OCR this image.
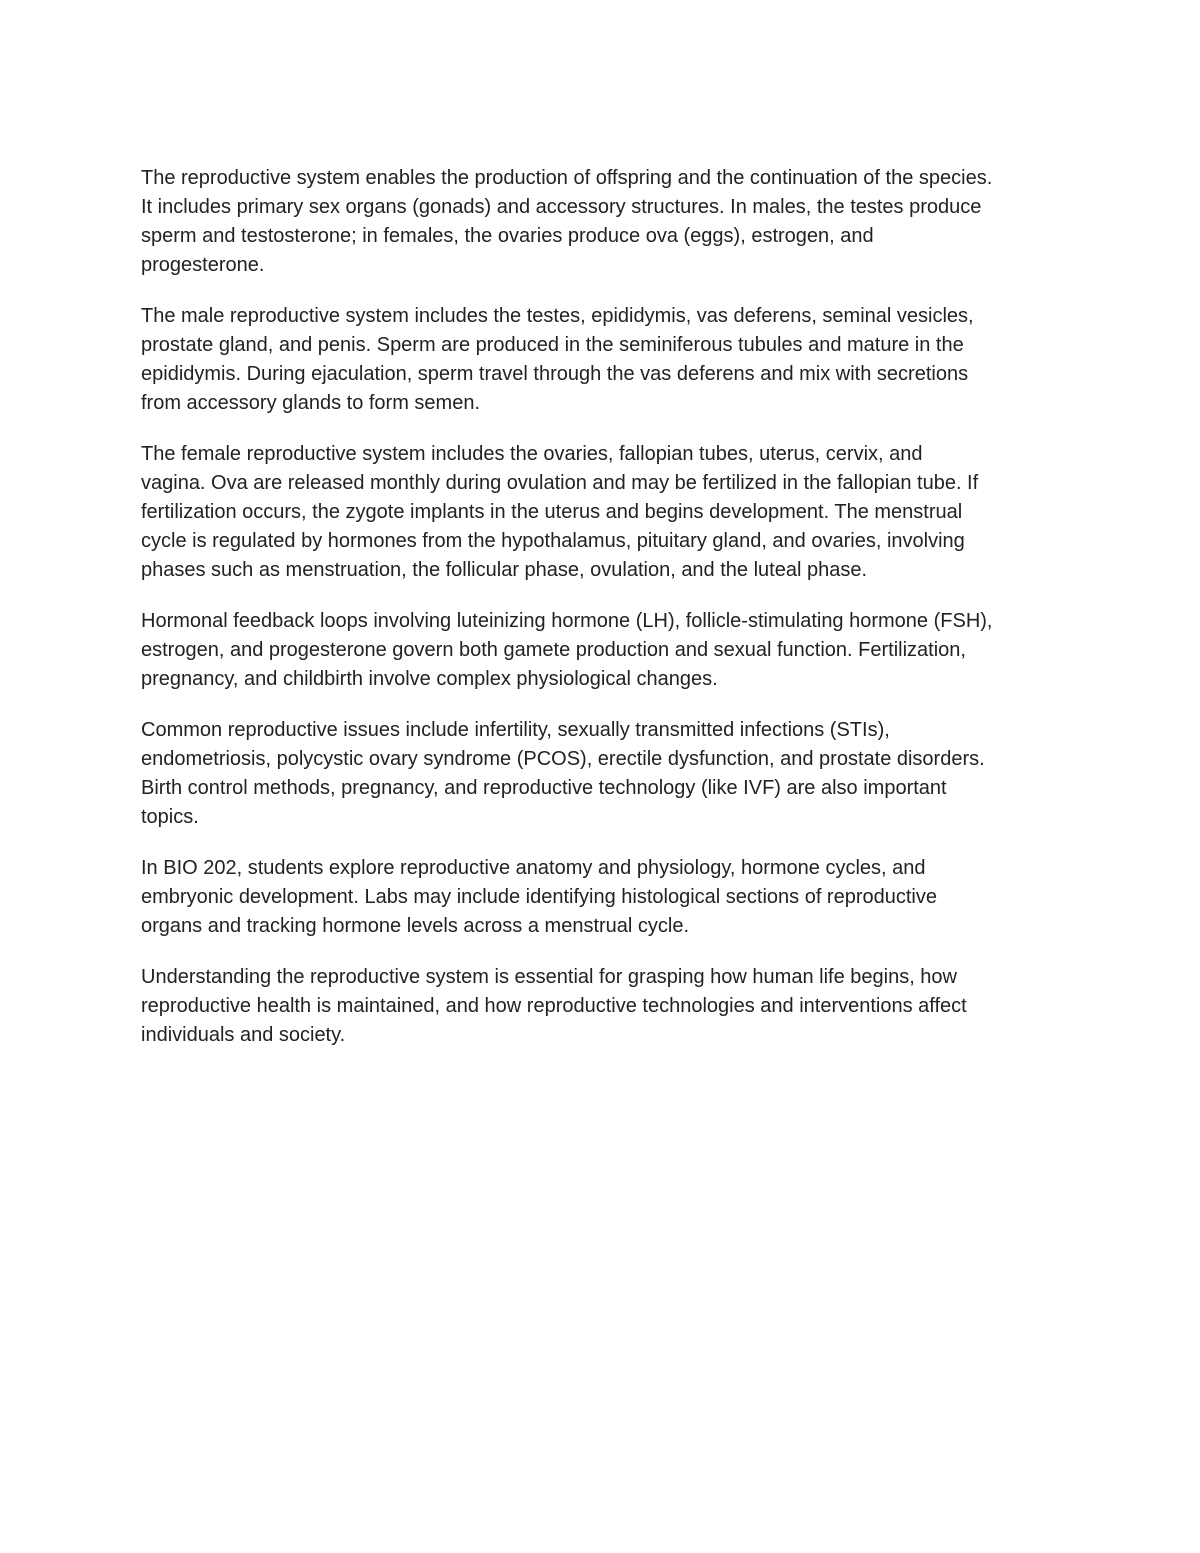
The reproductive system enables the production of offspring and the continuation of the species.
It includes primary sex organs (gonads) and accessory structures. In males, the testes produce
sperm and testosterone; in females, the ovaries produce ova (eggs), estrogen, and
progesterone.

The male reproductive system includes the testes, epididymis, vas deferens, seminal vesicles,
prostate gland, and penis. Sperm are produced in the seminiferous tubules and mature in the
epididymis. During ejaculation, sperm travel through the vas deferens and mix with secretions
from accessory glands to form semen.

The female reproductive system includes the ovaries, fallopian tubes, uterus, cervix, and
vagina. Ova are released monthly during ovulation and may be fertilized in the fallopian tube. If
fertilization occurs, the zygote implants in the uterus and begins development. The menstrual
cycle is regulated by hormones from the hypothalamus, pituitary gland, and ovaries, involving
phases such as menstruation, the follicular phase, ovulation, and the luteal phase.

Hormonal feedback loops involving luteinizing hormone (LH), follicle-stimulating hormone (FSH),
estrogen, and progesterone govern both gamete production and sexual function. Fertilization,
pregnancy, and childbirth involve complex physiological changes.

Common reproductive issues include infertility, sexually transmitted infections (STIs),
endometriosis, polycystic ovary syndrome (PCOS), erectile dysfunction, and prostate disorders.
Birth control methods, pregnancy, and reproductive technology (like IVF) are also important
topics.

In BIO 202, students explore reproductive anatomy and physiology, hormone cycles, and
embryonic development. Labs may include identifying histological sections of reproductive
organs and tracking hormone levels across a menstrual cycle.

Understanding the reproductive system is essential for grasping how human life begins, how
reproductive health is maintained, and how reproductive technologies and interventions affect
individuals and society.
